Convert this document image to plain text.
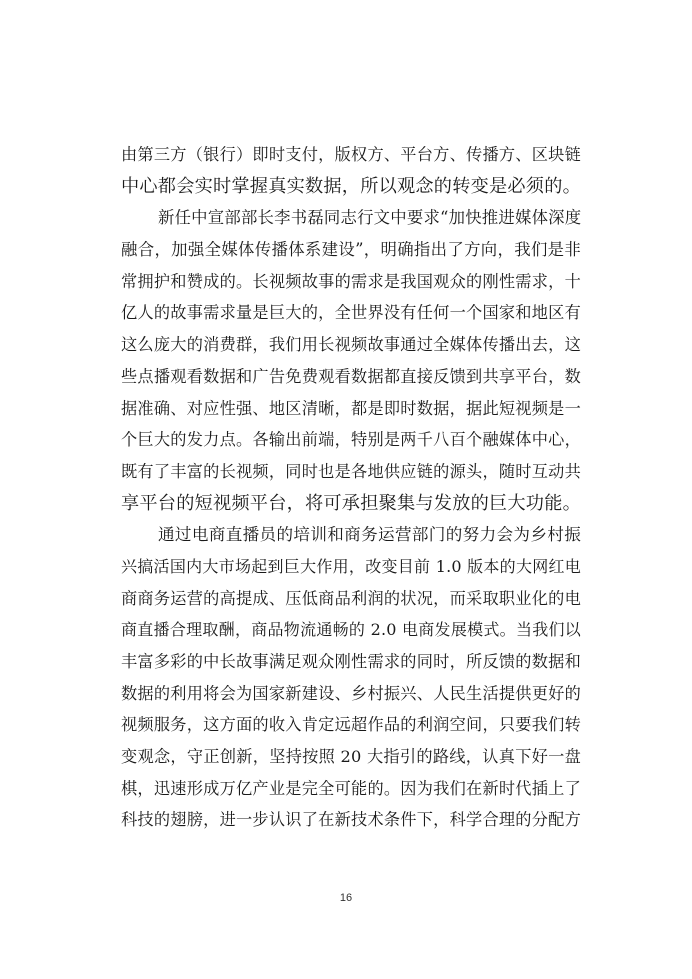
由第三方（银行）即时支付，版权方、平台方、传播方、区块链
中心都会实时掌握真实数据，所以观念的转变是必须的。
新任中宣部部长李书磊同志行文中要求“加快推进媒体深度
融合，加强全媒体传播体系建设”，明确指出了方向，我们是非
常拥护和赞成的。长视频故事的需求是我国观众的刚性需求，十
亿人的故事需求量是巨大的，全世界没有任何一个国家和地区有
这么庞大的消费群，我们用长视频故事通过全媒体传播出去，这
些点播观看数据和广告免费观看数据都直接反馈到共享平台，数
据准确、对应性强、地区清晰，都是即时数据，据此短视频是一
个巨大的发力点。各输出前端，特别是两千八百个融媒体中心，
既有了丰富的长视频，同时也是各地供应链的源头，随时互动共
享平台的短视频平台，将可承担聚集与发放的巨大功能。
通过电商直播员的培训和商务运营部门的努力会为乡村振
兴搞活国内大市场起到巨大作用，改变目前 1.0 版本的大网红电
商商务运营的高提成、压低商品利润的状况，而采取职业化的电
商直播合理取酬，商品物流通畅的 2.0 电商发展模式。当我们以
丰富多彩的中长故事满足观众刚性需求的同时，所反馈的数据和
数据的利用将会为国家新建设、乡村振兴、人民生活提供更好的
视频服务，这方面的收入肯定远超作品的利润空间，只要我们转
变观念，守正创新，坚持按照 20 大指引的路线，认真下好一盘
棋，迅速形成万亿产业是完全可能的。因为我们在新时代插上了
科技的翅膀，进一步认识了在新技术条件下，科学合理的分配方
16
